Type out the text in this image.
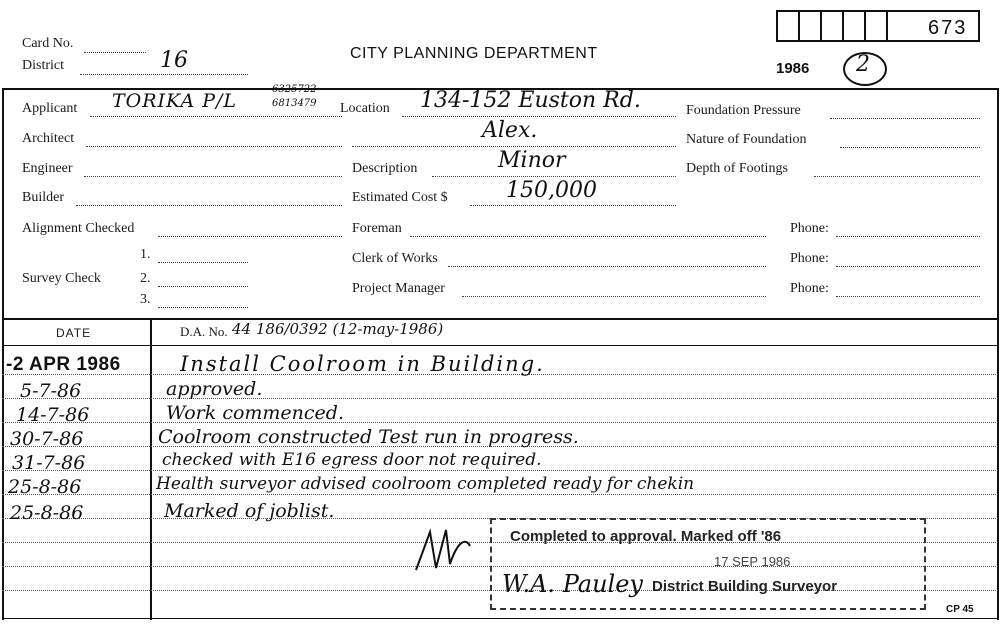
Card No.
District	16	CITY PLANNING DEPARTMENT
1986 2
673
Applicant TORIKA P/L
6325722
6813479
Architect
Engineer
Builder
Alignment Checked
Survey Check
1.
2.
3.
Location 134-152 Euston Rd.
Alex.
Description	Minor
Estimated Cost $	150,000
Foreman
Clerk of Works
Project Manager
Foundation Pressure
Nature of Foundation
Depth of Footings
Phone:
Phone:
Phone:
DATE	D.A. No. 44 186/0392 (12-may-1986)
-2 APR 1986	Install Coolroom in Building.
5-7-86	approved.
14-7-86	Work commenced.
30-7-86	Coolroom constructed Test run in progress.
31-7-86	checked with E16 egress door not required.
25-8-86	Health surveyor advised coolroom completed ready for chekin
25-8-86	Marked of joblist.
Completed to approval. Marked off '86
17 SEP 1986
W.A. Pauley District Building Surveyor
CP 45
